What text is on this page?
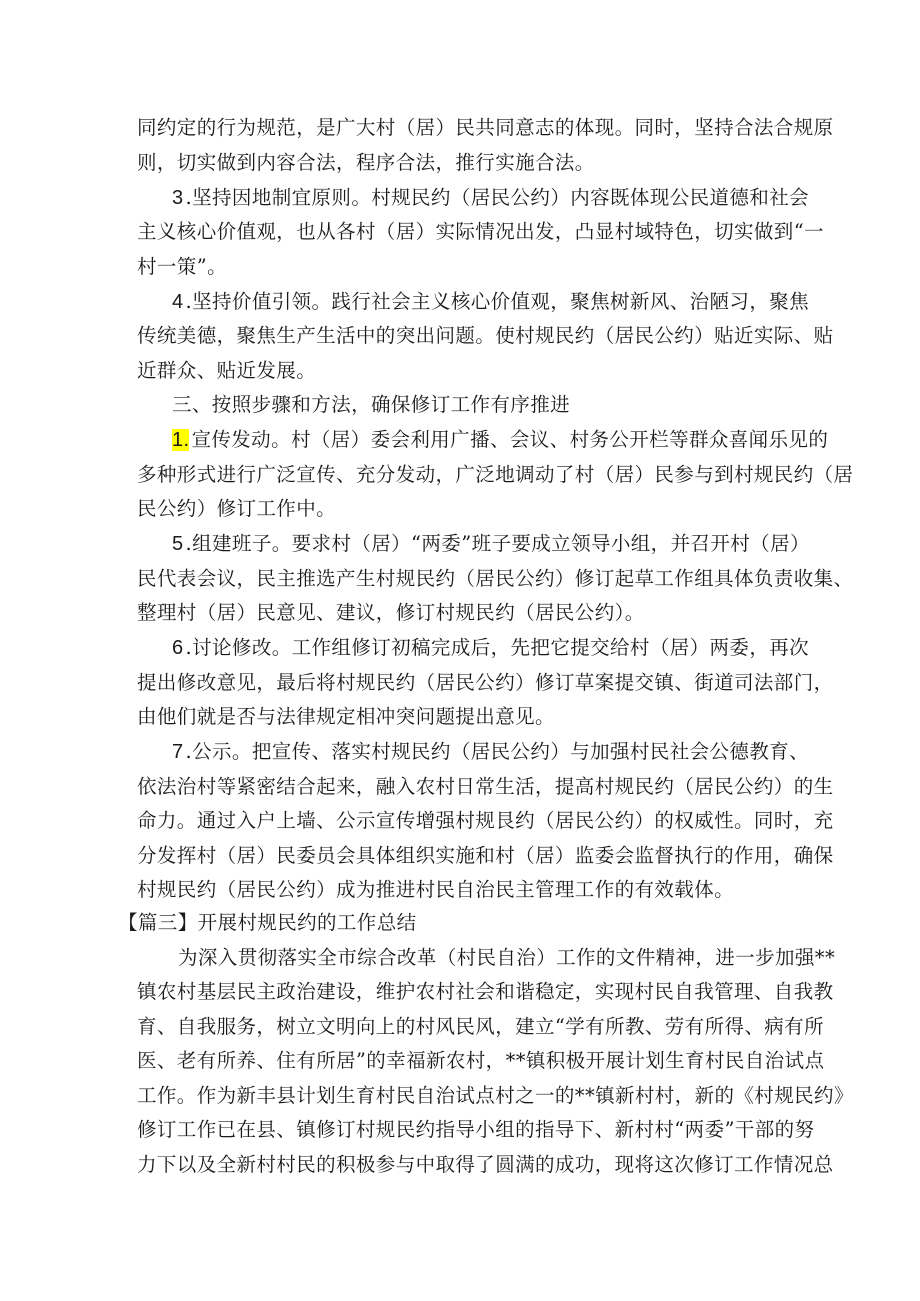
同约定的行为规范，是广大村（居）民共同意志的体现。同时，坚持合法合规原
则，切实做到内容合法，程序合法，推行实施合法。
3 .坚持因地制宜原则。村规民约（居民公约）内容既体现公民道德和社会
主义核心价值观，也从各村（居）实际情况出发，凸显村域特色，切实做到“一
村一策”。
4 .坚持价值引领。践行社会主义核心价值观，聚焦树新风、治陋习，聚焦
传统美德，聚焦生产生活中的突出问题。使村规民约（居民公约）贴近实际、贴
近群众、贴近发展。
三、按照步骤和方法，确保修订工作有序推进
1. 宣传发动。村（居）委会利用广播、会议、村务公开栏等群众喜闻乐见的
多种形式进行广泛宣传、充分发动，广泛地调动了村（居）民参与到村规民约（居
民公约）修订工作中。
5 .组建班子。要求村（居）“两委”班子要成立领导小组，并召开村（居）
民代表会议，民主推选产生村规民约（居民公约）修订起草工作组具体负责收集、
整理村（居）民意见、建议，修订村规民约（居民公约）。
6 .讨论修改。工作组修订初稿完成后，先把它提交给村（居）两委，再次
提出修改意见，最后将村规民约（居民公约）修订草案提交镇、街道司法部门，
由他们就是否与法律规定相冲突问题提出意见。
7 .公示。把宣传、落实村规民约（居民公约）与加强村民社会公德教育、
依法治村等紧密结合起来，融入农村日常生活，提高村规民约（居民公约）的生
命力。通过入户上墙、公示宣传增强村规艮约（居民公约）的权威性。同时，充
分发挥村（居）民委员会具体组织实施和村（居）监委会监督执行的作用，确保
村规民约（居民公约）成为推进村民自治民主管理工作的有效载体。
【篇三】开展村规民约的工作总结
为深入贯彻落实全市综合改革（村民自治）工作的文件精神，进一步加强**
镇农村基层民主政治建设，维护农村社会和谐稳定，实现村民自我管理、自我教
育、自我服务，树立文明向上的村风民风，建立“学有所教、劳有所得、病有所
医、老有所养、住有所居”的幸福新农村，**镇积极开展计划生育村民自治试点
工作。作为新丰县计划生育村民自治试点村之一的**镇新村村，新的《村规民约》
修订工作已在县、镇修订村规民约指导小组的指导下、新村村“两委”干部的努
力下以及全新村村民的积极参与中取得了圆满的成功，现将这次修订工作情况总
